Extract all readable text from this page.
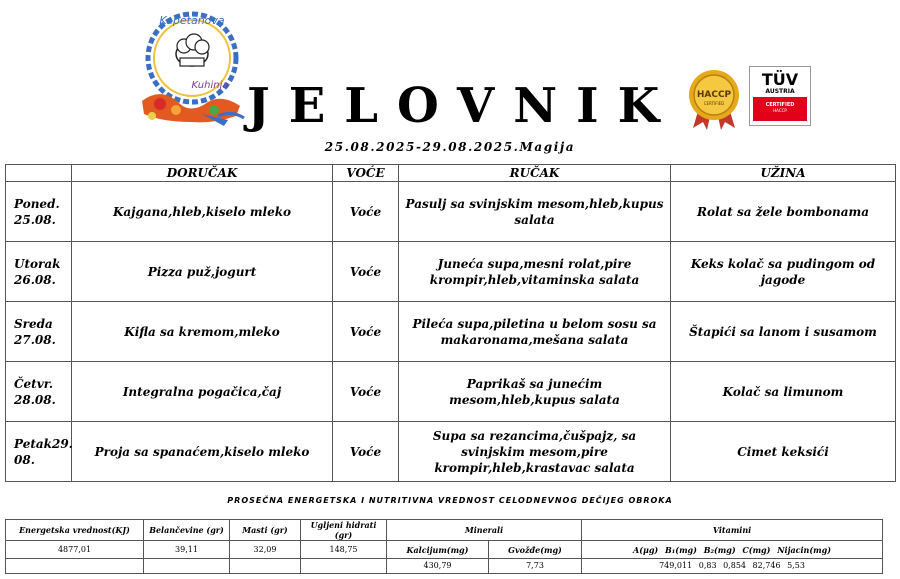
Kapetanova
Kuhinja JELOVNIK HACCP
CERTIFIED
TÜV
AUSTRIA
CERTIFIED
HACCP
25.08.2025-29.08.2025.Magija
	DORUČAK	VOĆE	RUČAK	UŽINA
Poned. 25.08.	Kajgana,hleb,kiselo mleko	Voće	Pasulj sa svinjskim mesom,hleb,kupus salata	Rolat sa žele bombonama
Utorak 26.08.	Pizza puž,jogurt	Voće	Juneća supa,mesni rolat,pire krompir,hleb,vitaminska salata	Keks kolač sa pudingom od jagode
Sreda 27.08.	Kifla sa kremom,mleko	Voće	Pileća supa,piletina u belom sosu sa makaronama,mešana salata	Štapići sa lanom i susamom
Četvr. 28.08.	Integralna pogačica,čaj	Voće	Paprikaš sa junećim mesom,hleb,kupus salata	Kolač sa limunom
Petak29. 08.	Proja sa spanaćem,kiselo mleko	Voće	Supa sa rezancima,čušpajz, sa svinjskim mesom,pire krompir,hleb,krastavac salata	Cimet keksići
PROSEČNA ENERGETSKA I NUTRITIVNA VREDNOST CELODNEVNOG DEČIJEG OBROKA
Energetska vrednost(KJ)	Belančevine (gr)	Masti (gr)	Ugljeni hidrati (gr)	Minerali		Vitamini
4877,01	39,11	32,09	148,75	Kalcijum(mg)	Gvožđe(mg)	A(μg) B₁(mg) B₂(mg) C(mg) Nijacin(mg)
				430,79	7,73	749,011 0,83 0,854 82,746 5,53
